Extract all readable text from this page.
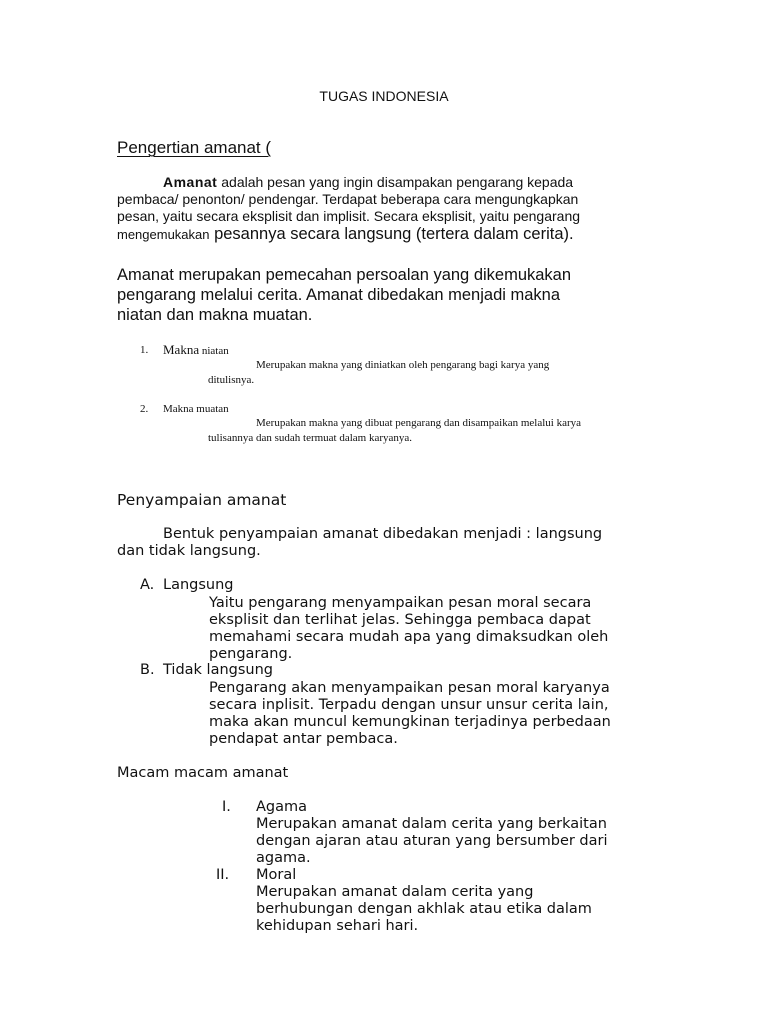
TUGAS INDONESIA
Pengertian amanat (
Amanat adalah pesan yang ingin disampakan pengarang kepada
pembaca/ penonton/ pendengar. Terdapat beberapa cara mengungkapkan
pesan, yaitu secara eksplisit dan implisit. Secara eksplisit, yaitu pengarang
mengemukakan pesannya secara langsung (tertera dalam cerita).
Amanat merupakan pemecahan persoalan yang dikemukakan
pengarang melalui cerita. Amanat dibedakan menjadi makna
niatan dan makna muatan.
1. Makna niatan
Merupakan makna yang diniatkan oleh pengarang bagi karya yang
ditulisnya.
2. Makna muatan
Merupakan makna yang dibuat pengarang dan disampaikan melalui karya
tulisannya dan sudah termuat dalam karyanya.
Penyampaian amanat
Bentuk penyampaian amanat dibedakan menjadi : langsung
dan tidak langsung.
A. Langsung
Yaitu pengarang menyampaikan pesan moral secara
eksplisit dan terlihat jelas. Sehingga pembaca dapat
memahami secara mudah apa yang dimaksudkan oleh
pengarang.
B. Tidak langsung
Pengarang akan menyampaikan pesan moral karyanya
secara inplisit. Terpadu dengan unsur unsur cerita lain,
maka akan muncul kemungkinan terjadinya perbedaan
pendapat antar pembaca.
Macam macam amanat
I. Agama
Merupakan amanat dalam cerita yang berkaitan
dengan ajaran atau aturan yang bersumber dari
agama.
II. Moral
Merupakan amanat dalam cerita yang
berhubungan dengan akhlak atau etika dalam
kehidupan sehari hari.
